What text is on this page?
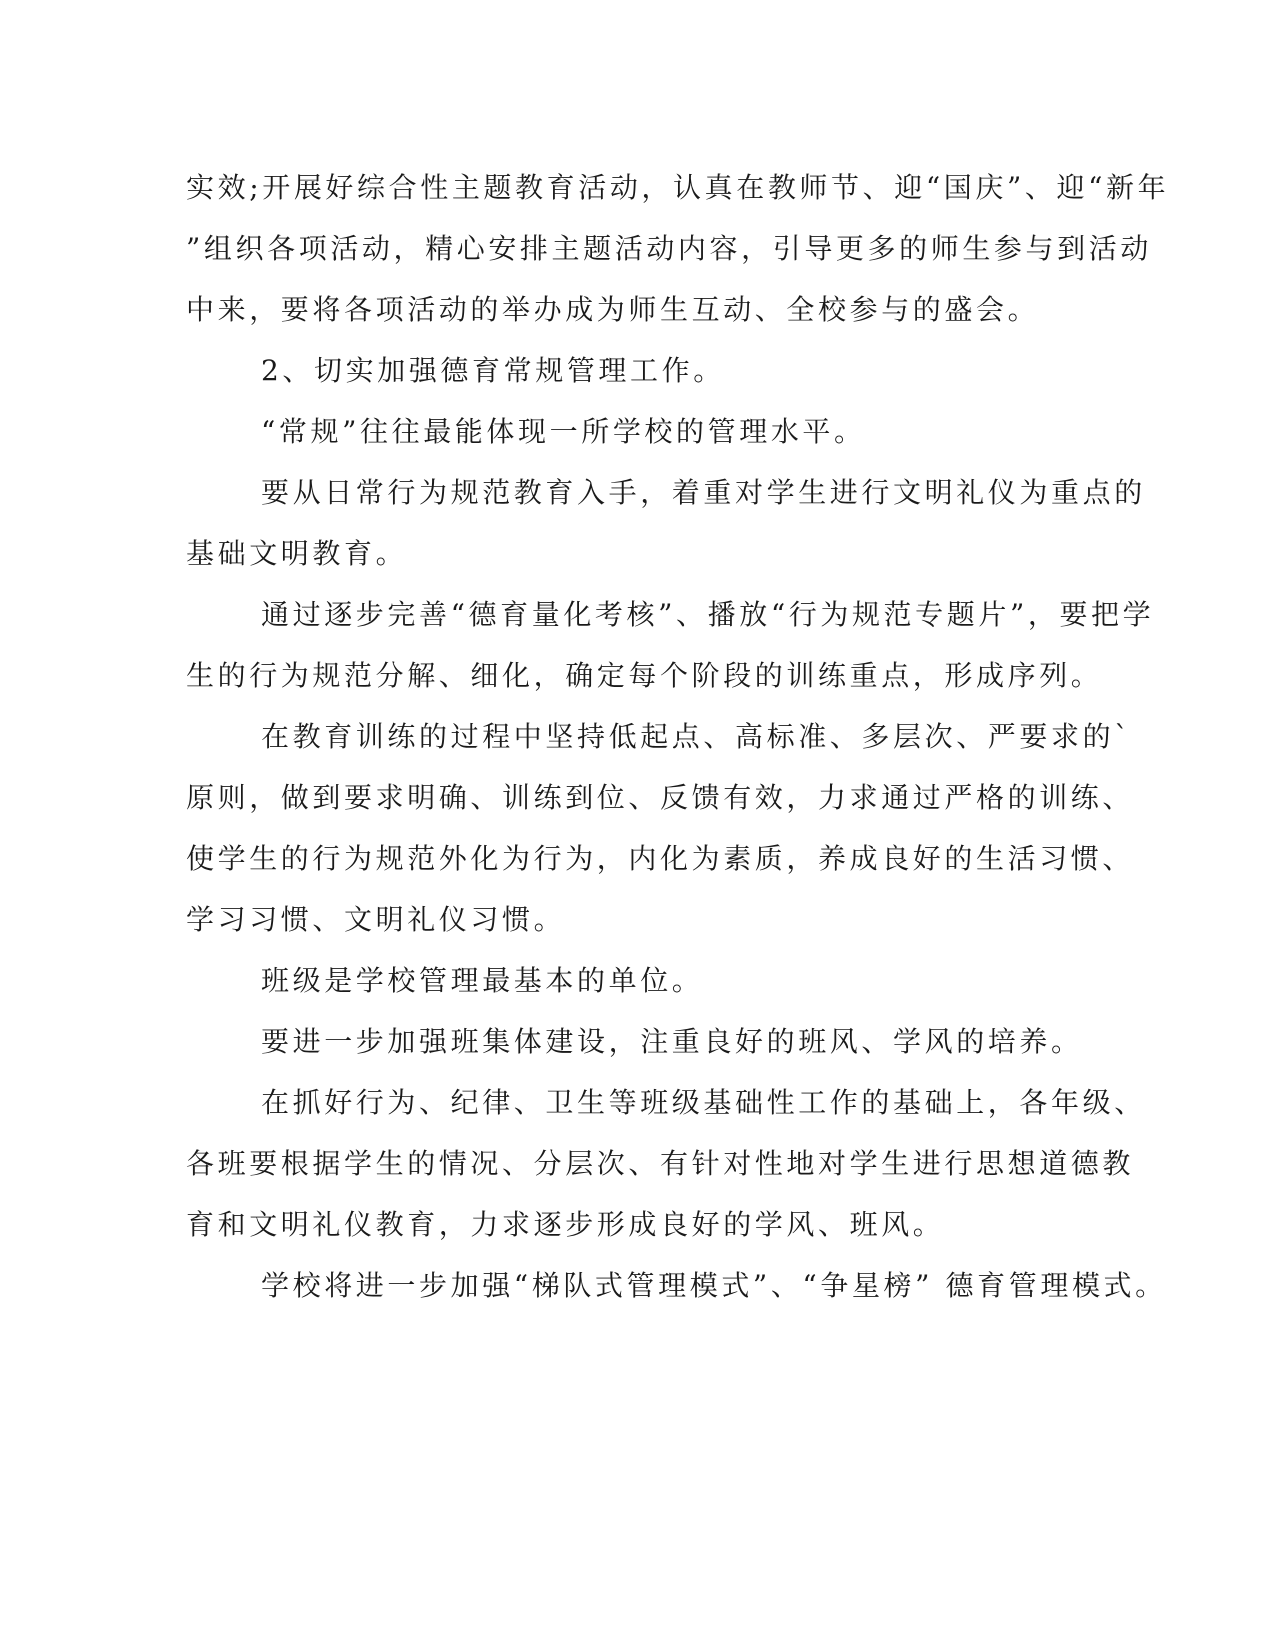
实效;开展好综合性主题教育活动，认真在教师节、迎“国庆”、迎“新年
”组织各项活动，精心安排主题活动内容，引导更多的师生参与到活动
中来，要将各项活动的举办成为师生互动、全校参与的盛会。
2、切实加强德育常规管理工作。
“常规”往往最能体现一所学校的管理水平。
要从日常行为规范教育入手，着重对学生进行文明礼仪为重点的
基础文明教育。
通过逐步完善“德育量化考核”、播放“行为规范专题片”，要把学
生的行为规范分解、细化，确定每个阶段的训练重点，形成序列。
在教育训练的过程中坚持低起点、高标准、多层次、严要求的`
原则，做到要求明确、训练到位、反馈有效，力求通过严格的训练、
使学生的行为规范外化为行为，内化为素质，养成良好的生活习惯、
学习习惯、文明礼仪习惯。
班级是学校管理最基本的单位。
要进一步加强班集体建设，注重良好的班风、学风的培养。
在抓好行为、纪律、卫生等班级基础性工作的基础上，各年级、
各班要根据学生的情况、分层次、有针对性地对学生进行思想道德教
育和文明礼仪教育，力求逐步形成良好的学风、班风。
学校将进一步加强“梯队式管理模式”、“争星榜” 德育管理模式。
